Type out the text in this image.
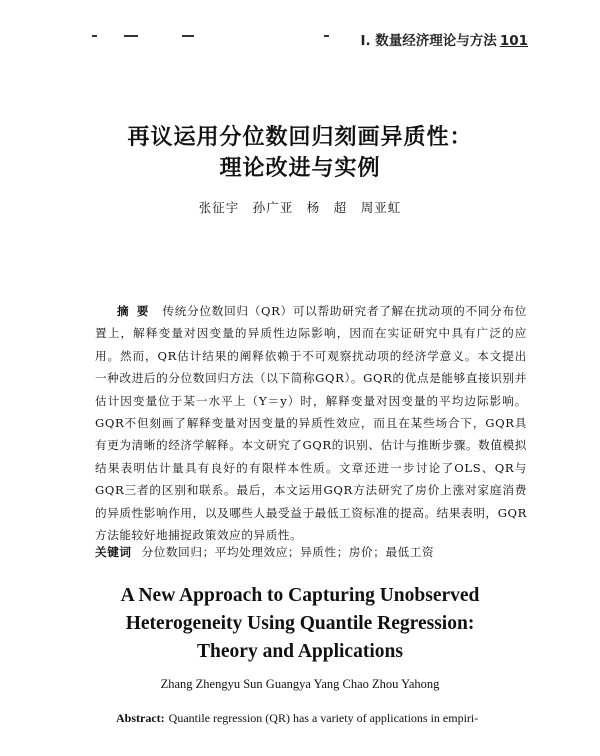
Ⅰ. 数量经济理论与方法 101
再议运用分位数回归刻画异质性：
理论改进与实例
张征宇　孙广亚　杨　超　周亚虹
摘要 传统分位数回归（QR）可以帮助研究者了解在扰动项的不同分布位置上，解释变量对因变量的异质性边际影响，因而在实证研究中具有广泛的应用。然而，QR估计结果的阐释依赖于不可观察扰动项的经济学意义。本文提出一种改进后的分位数回归方法（以下简称GQR）。GQR的优点是能够直接识别并估计因变量位于某一水平上（Y＝y）时，解释变量对因变量的平均边际影响。GQR不但刻画了解释变量对因变量的异质性效应，而且在某些场合下，GQR具有更为清晰的经济学解释。本文研究了GQR的识别、估计与推断步骤。数值模拟结果表明估计量具有良好的有限样本性质。文章还进一步讨论了OLS、QR与GQR三者的区别和联系。最后，本文运用GQR方法研究了房价上涨对家庭消费的异质性影响作用，以及哪些人最受益于最低工资标准的提高。结果表明，GQR方法能较好地捕捉政策效应的异质性。
关键词 分位数回归；平均处理效应；异质性；房价；最低工资
A New Approach to Capturing Unobserved
Heterogeneity Using Quantile Regression:
Theory and Applications
Zhang Zhengyu Sun Guangya Yang Chao Zhou Yahong
Abstract: Quantile regression (QR) has a variety of applications in empiri-
